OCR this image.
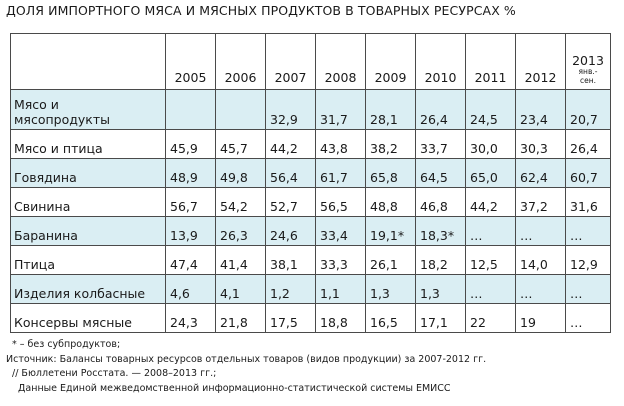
ДОЛЯ ИМПОРТНОГО МЯСА И МЯСНЫХ ПРОДУКТОВ В ТОВАРНЫХ РЕСУРСАХ %
	2005	2006	2007	2008	2009	2010	2011	2012	2013
янв.-
сен.

Мясо и
мясопродукты			32,9	31,7	28,1	26,4	24,5	23,4	20,7
Мясо и птица	45,9	45,7	44,2	43,8	38,2	33,7	30,0	30,3	26,4
Говядина	48,9	49,8	56,4	61,7	65,8	64,5	65,0	62,4	60,7
Свинина	56,7	54,2	52,7	56,5	48,8	46,8	44,2	37,2	31,6
Баранина	13,9	26,3	24,6	33,4	19,1*	18,3*	…	…	…
Птица	47,4	41,4	38,1	33,3	26,1	18,2	12,5	14,0	12,9
Изделия колбасные	4,6	4,1	1,2	1,1	1,3	1,3	…	…	…
Консервы мясные	24,3	21,8	17,5	18,8	16,5	17,1	22	19	…
* – без субпродуктов;
Источник: Балансы товарных ресурсов отдельных товаров (видов продукции) за 2007-2012 гг.
// Бюллетени Росстата. — 2008–2013 гг.;
Данные Единой межведомственной информационно-статистической системы ЕМИСС
